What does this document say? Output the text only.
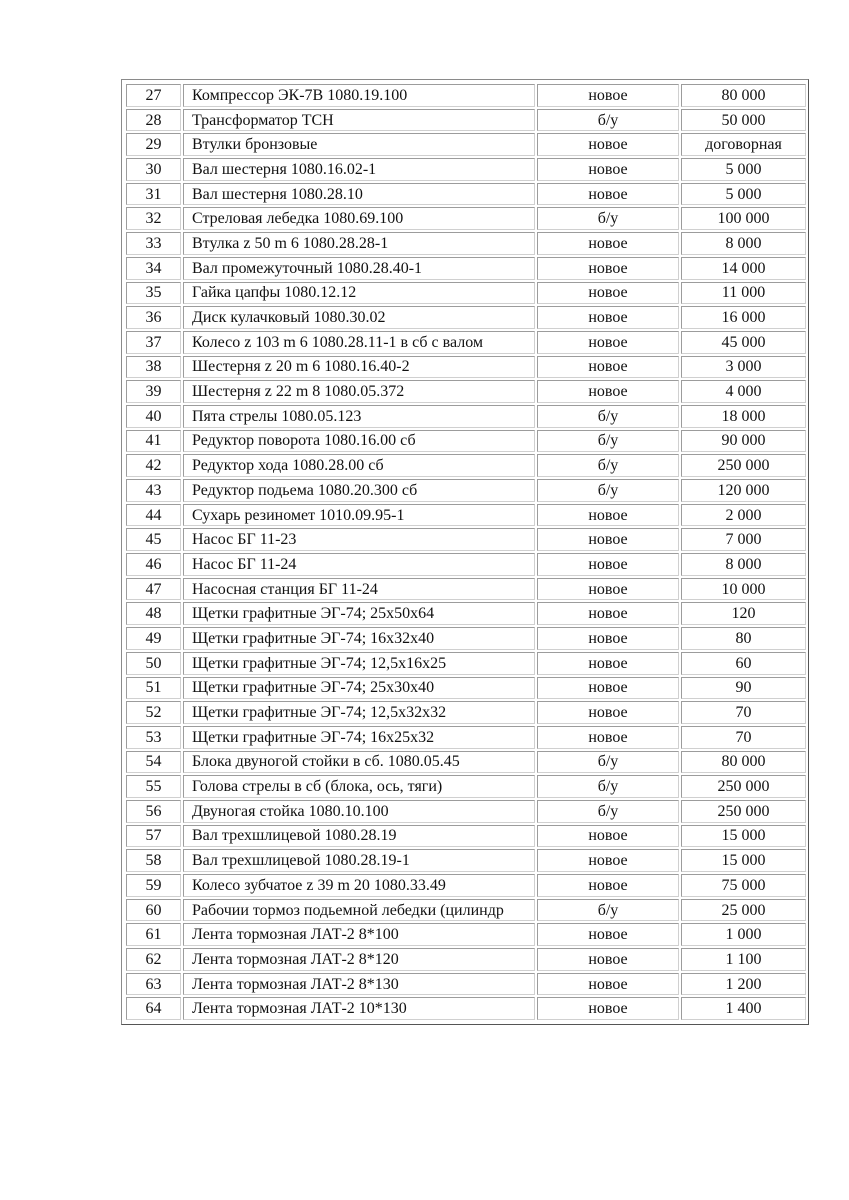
27	Компрессор ЭК-7В 1080.19.100	новое	80 000
28	Трансформатор ТСН	б/у	50 000
29	Втулки бронзовые	новое	договорная
30	Вал шестерня 1080.16.02-1	новое	5 000
31	Вал шестерня 1080.28.10	новое	5 000
32	Стреловая лебедка 1080.69.100	б/у	100 000
33	Втулка z 50 m 6 1080.28.28-1	новое	8 000
34	Вал промежуточный 1080.28.40-1	новое	14 000
35	Гайка цапфы 1080.12.12	новое	11 000
36	Диск кулачковый 1080.30.02	новое	16 000
37	Колесо z 103 m 6 1080.28.11-1 в сб с валом	новое	45 000
38	Шестерня z 20 m 6 1080.16.40-2	новое	3 000
39	Шестерня z 22 m 8 1080.05.372	новое	4 000
40	Пята стрелы 1080.05.123	б/у	18 000
41	Редуктор поворота 1080.16.00 сб	б/у	90 000
42	Редуктор хода 1080.28.00 сб	б/у	250 000
43	Редуктор подьема 1080.20.300 сб	б/у	120 000
44	Сухарь резиномет 1010.09.95-1	новое	2 000
45	Насос БГ 11-23	новое	7 000
46	Насос БГ 11-24	новое	8 000
47	Насосная станция БГ 11-24	новое	10 000
48	Щетки графитные ЭГ-74; 25х50х64	новое	120
49	Щетки графитные ЭГ-74; 16х32х40	новое	80
50	Щетки графитные ЭГ-74; 12,5х16х25	новое	60
51	Щетки графитные ЭГ-74; 25х30х40	новое	90
52	Щетки графитные ЭГ-74; 12,5х32х32	новое	70
53	Щетки графитные ЭГ-74; 16х25х32	новое	70
54	Блока двуногой стойки в сб. 1080.05.45	б/у	80 000
55	Голова стрелы в сб (блока, ось, тяги)	б/у	250 000
56	Двуногая стойка 1080.10.100	б/у	250 000
57	Вал трехшлицевой 1080.28.19	новое	15 000
58	Вал трехшлицевой 1080.28.19-1	новое	15 000
59	Колесо зубчатое z 39 m 20 1080.33.49	новое	75 000
60	Рабочии тормоз подьемной лебедки (цилиндр	б/у	25 000
61	Лента тормозная ЛАТ-2 8*100	новое	1 000
62	Лента тормозная ЛАТ-2 8*120	новое	1 100
63	Лента тормозная ЛАТ-2 8*130	новое	1 200
64	Лента тормозная ЛАТ-2 10*130	новое	1 400
